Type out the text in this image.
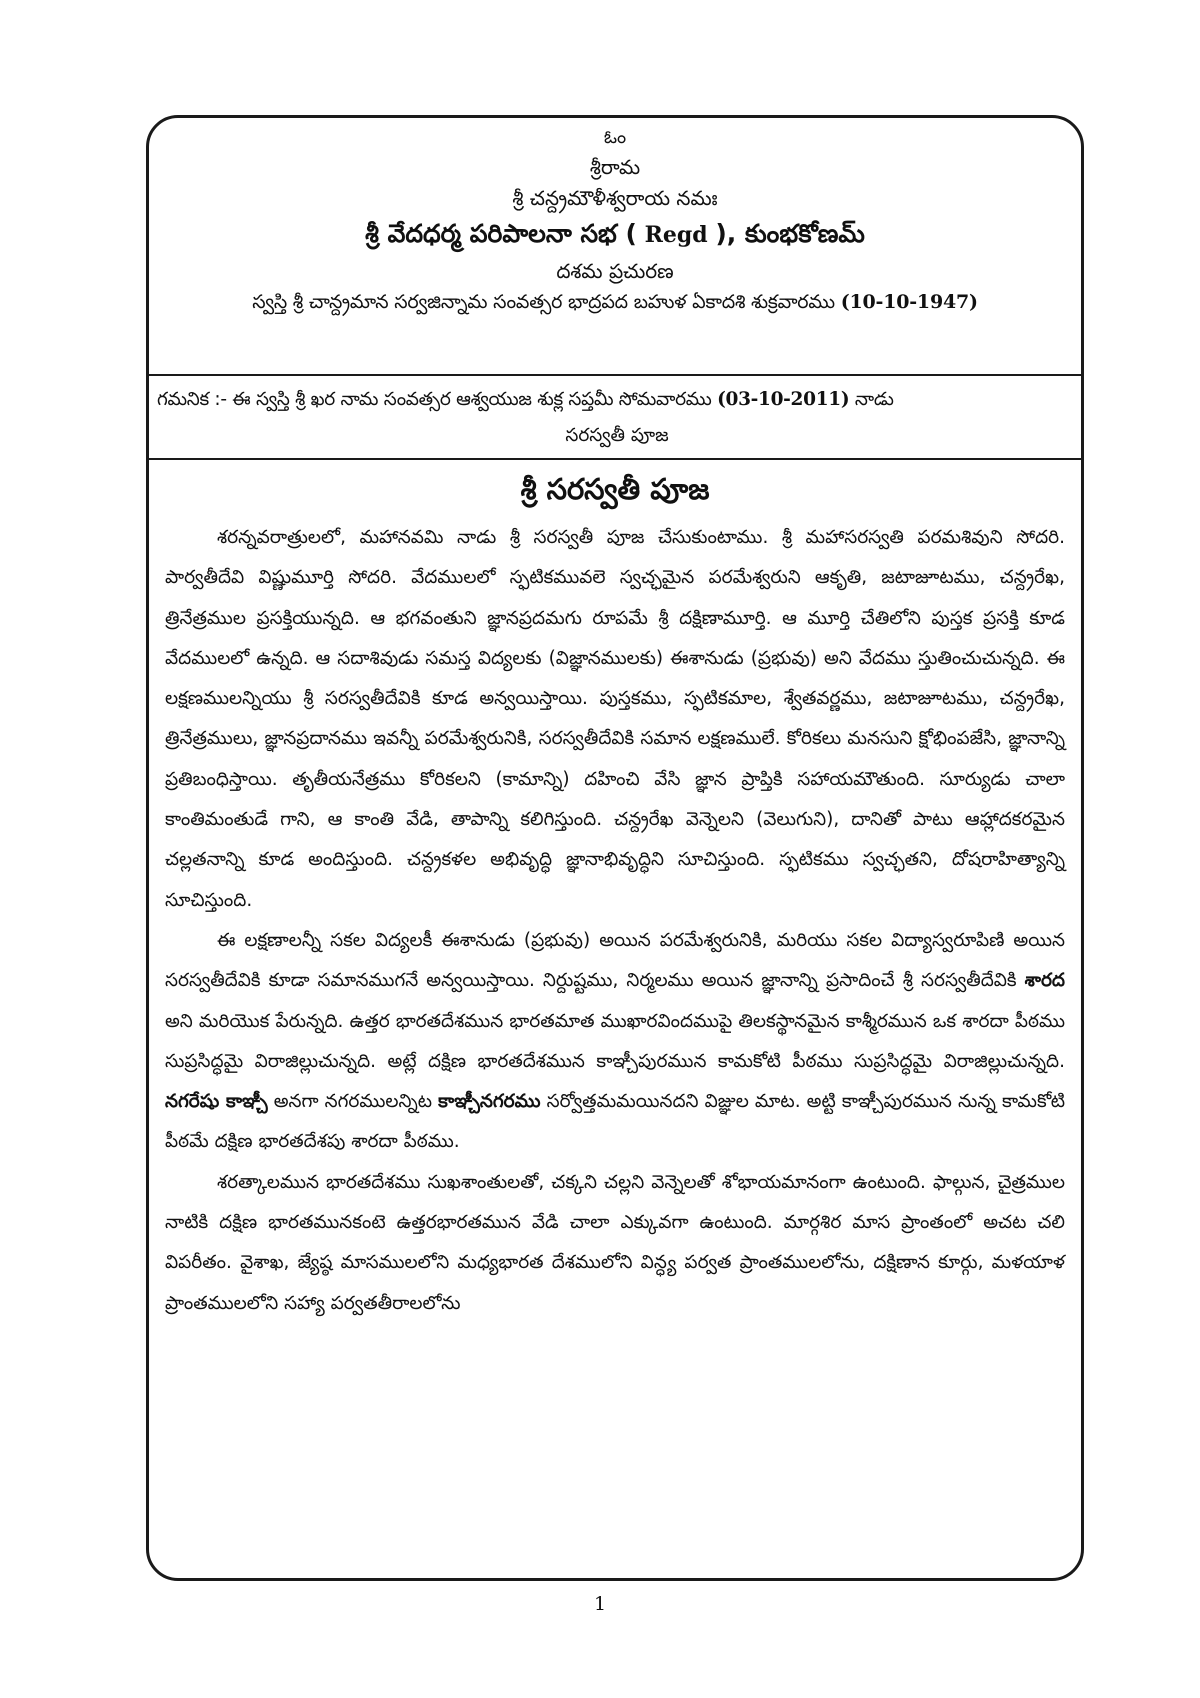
ఓం
శ్రీరామ
శ్రీ చన్ద్రమౌళీశ్వరాయ నమః
శ్రీ వేదధర్మ పరిపాలనా సభ ( Regd ), కుంభకోణమ్
దశమ ప్రచురణ
స్వస్తి శ్రీ చాన్ద్రమాన సర్వజిన్నామ సంవత్సర భాద్రపద బహుళ ఏకాదశి శుక్రవారము (10-10-1947)
గమనిక :- ఈ స్వస్తి శ్రీ ఖర నామ సంవత్సర ఆశ్వయుజ శుక్ల సప్తమీ సోమవారము (03-10-2011) నాడు
సరస్వతీ పూజ
శ్రీ సరస్వతీ పూజ

శరన్నవరాత్రులలో, మహానవమి నాడు శ్రీ సరస్వతీ పూజ చేసుకుంటాము. శ్రీ మహాసరస్వతి పరమశివుని సోదరి. పార్వతీదేవి విష్ణుమూర్తి సోదరి. వేదములలో స్ఫటికమువలె స్వచ్ఛమైన పరమేశ్వరుని ఆకృతి, జటాజూటము, చన్ద్రరేఖ, త్రినేత్రముల ప్రసక్తియున్నది. ఆ భగవంతుని జ్ఞానప్రదమగు రూపమే శ్రీ దక్షిణామూర్తి. ఆ మూర్తి చేతిలోని పుస్తక ప్రసక్తి కూడ వేదములలో ఉన్నది. ఆ సదాశివుడు సమస్త విద్యలకు (విజ్ఞానములకు) ఈశానుడు (ప్రభువు) అని వేదము స్తుతించుచున్నది. ఈ లక్షణములన్నియు శ్రీ సరస్వతీదేవికి కూడ అన్వయిస్తాయి. పుస్తకము, స్ఫటికమాల, శ్వేతవర్ణము, జటాజూటము, చన్ద్రరేఖ, త్రినేత్రములు, జ్ఞానప్రదానము ఇవన్నీ పరమేశ్వరునికి, సరస్వతీదేవికి సమాన లక్షణములే. కోరికలు మనసుని క్షోభింపజేసి, జ్ఞానాన్ని ప్రతిబంధిస్తాయి. తృతీయనేత్రము కోరికలని (కామాన్ని) దహించి వేసి జ్ఞాన ప్రాప్తికి సహాయమౌతుంది. సూర్యుడు చాలా కాంతిమంతుడే గాని, ఆ కాంతి వేడి, తాపాన్ని కలిగిస్తుంది. చన్ద్రరేఖ వెన్నెలని (వెలుగుని), దానితో పాటు ఆహ్లాదకరమైన చల్లతనాన్ని కూడ అందిస్తుంది. చన్ద్రకళల అభివృద్ధి జ్ఞానాభివృద్ధిని సూచిస్తుంది. స్ఫటికము స్వచ్ఛతని, దోషరాహిత్యాన్ని సూచిస్తుంది.

ఈ లక్షణాలన్నీ సకల విద్యలకీ ఈశానుడు (ప్రభువు) అయిన పరమేశ్వరునికి, మరియు సకల విద్యాస్వరూపిణి అయిన సరస్వతీదేవికి కూడా సమానముగనే అన్వయిస్తాయి. నిర్దుష్టము, నిర్మలము అయిన జ్ఞానాన్ని ప్రసాదించే శ్రీ సరస్వతీదేవికి శారద అని మరియొక పేరున్నది. ఉత్తర భారతదేశమున భారతమాత ముఖారవిందముపై తిలకస్థానమైన కాశ్మీరమున ఒక శారదా పీఠము సుప్రసిద్ధమై విరాజిల్లుచున్నది. అట్లే దక్షిణ భారతదేశమున కాఞ్చీపురమున కామకోటి పీఠము సుప్రసిద్ధమై విరాజిల్లుచున్నది. నగరేషు కాఞ్చీ అనగా నగరములన్నిట కాఞ్చీనగరము సర్వోత్తమమయినదని విజ్ఞుల మాట. అట్టి కాఞ్చీపురమున నున్న కామకోటి పీఠమే దక్షిణ భారతదేశపు శారదా పీఠము.

శరత్కాలమున భారతదేశము సుఖశాంతులతో, చక్కని చల్లని వెన్నెలతో శోభాయమానంగా ఉంటుంది. ఫాల్గున, చైత్రముల నాటికి దక్షిణ భారతమునకంటె ఉత్తరభారతమున వేడి చాలా ఎక్కువగా ఉంటుంది. మార్గశిర మాస ప్రాంతంలో అచట చలి విపరీతం. వైశాఖ, జ్యేష్ఠ మాసములలోని మధ్యభారత దేశములోని విన్ధ్య పర్వత ప్రాంతములలోను, దక్షిణాన కూర్గు, మళయాళ ప్రాంతములలోని సహ్యా పర్వతతీరాలలోను

1
